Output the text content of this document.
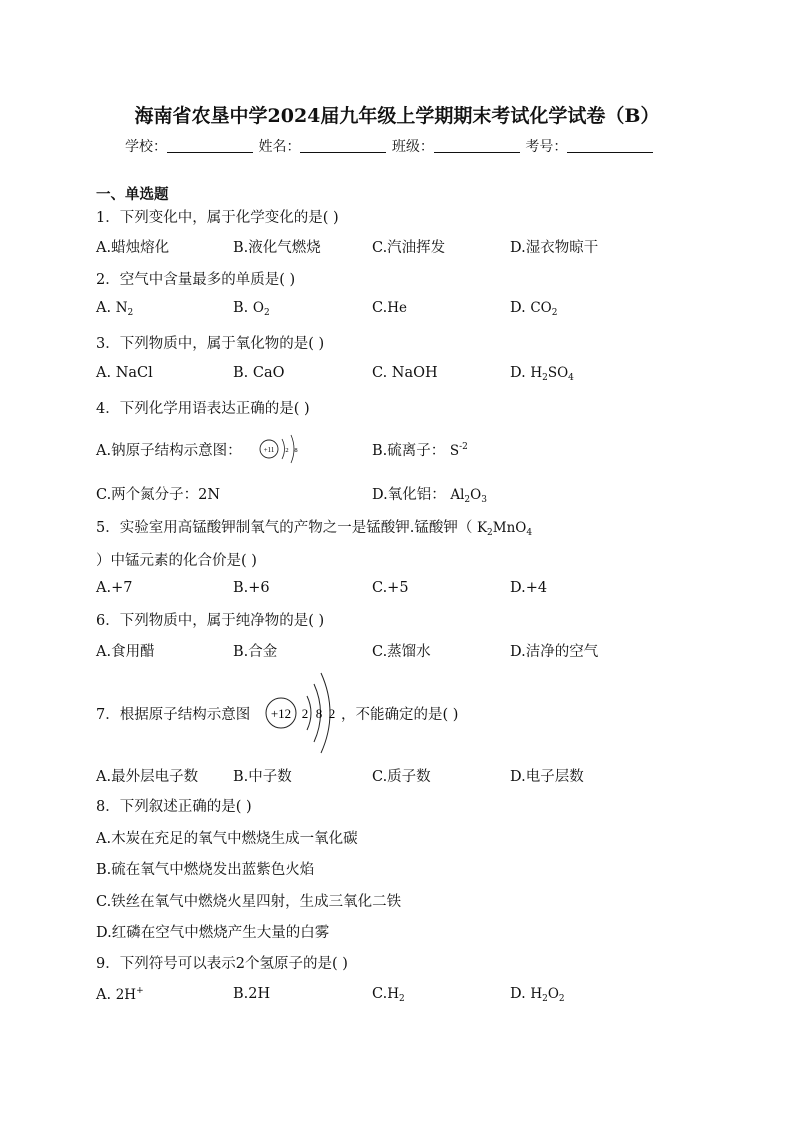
海南省农垦中学2024届九年级上学期期末考试化学试卷（B）
学校：	姓名：	班级：	考号：
一、单选题
1．下列变化中，属于化学变化的是( )
A.蜡烛熔化	B.液化气燃烧	C.汽油挥发	D.湿衣物晾干
2．空气中含量最多的单质是( )
A. $N_2$	B. $O_2$	C.He	D. $CO_2$
3．下列物质中，属于氧化物的是( )
A. NaCl	B. CaO	C. NaOH	D. $H_2SO_4$
4．下列化学用语表达正确的是( )
A.钠原子结构示意图：	+11 2 8	B.硫离子： $S^{-2}$
C.两个氮分子：2N	D.氧化铝： $Al_2O_3$
5．实验室用高锰酸钾制氧气的产物之一是锰酸钾.锰酸钾（ $K_2MnO_4$
）中锰元素的化合价是( )
A.+7	B.+6	C.+5	D.+4
6．下列物质中，属于纯净物的是( )
A.食用醋	B.合金	C.蒸馏水	D.洁净的空气
7．根据原子结构示意图 +12 2 8 2 ，不能确定的是( )
A.最外层电子数 B.中子数	C.质子数	D.电子层数
8．下列叙述正确的是( )
A.木炭在充足的氧气中燃烧生成一氧化碳
B.硫在氧气中燃烧发出蓝紫色火焰
C.铁丝在氧气中燃烧火星四射，生成三氧化二铁
D.红磷在空气中燃烧产生大量的白雾
9．下列符号可以表示2个氢原子的是( )
A. 2H+	B.2H	$C.H_2$	D. $H_2O_2$
